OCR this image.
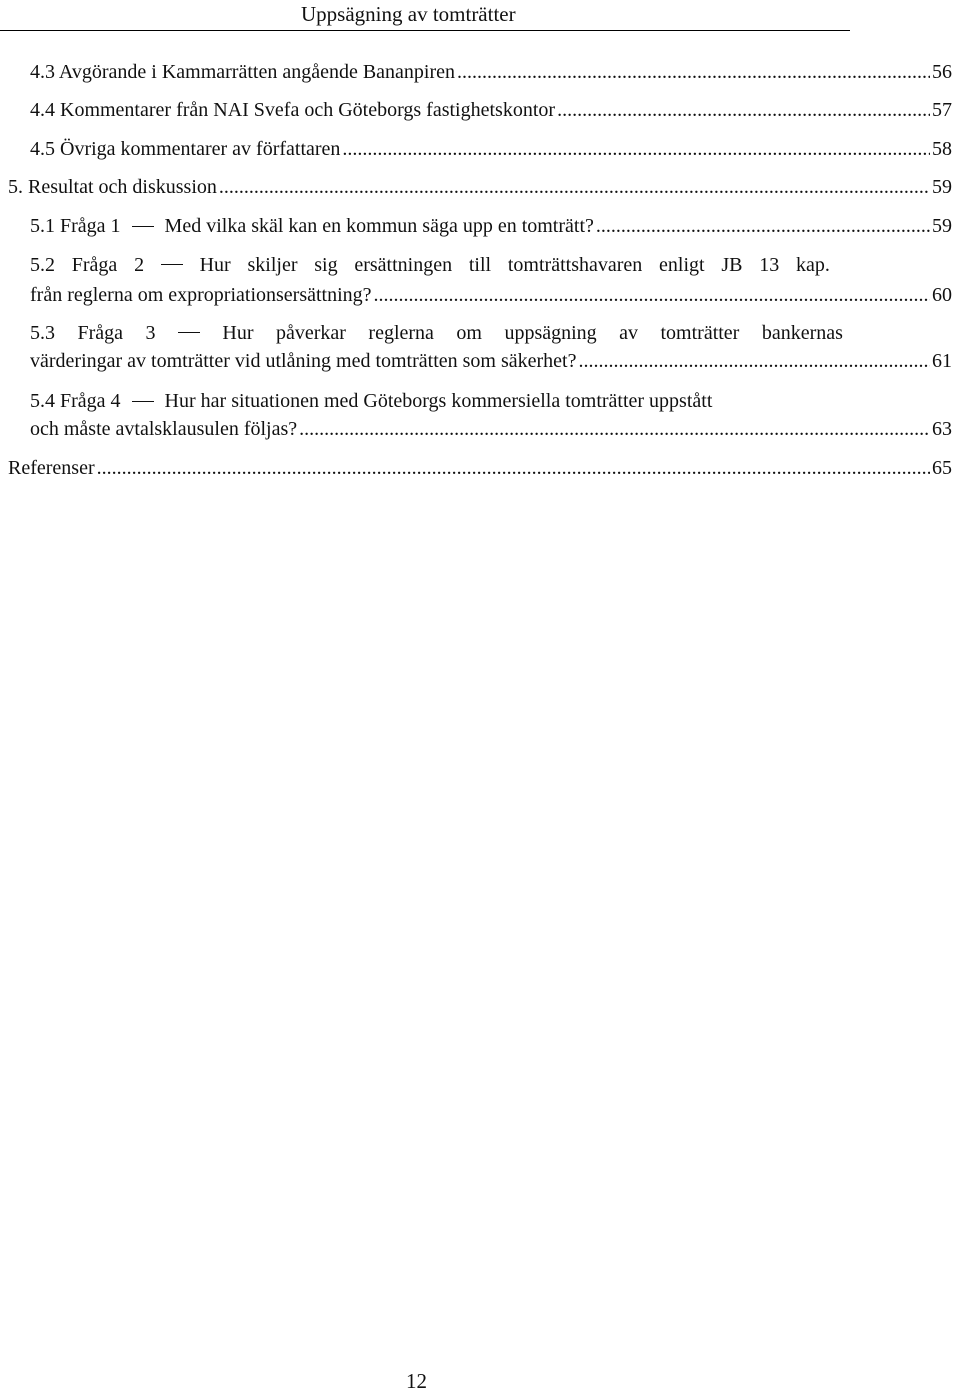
Uppsägning av tomträtter
4.3 Avgörande i Kammarrätten angående Bananpiren .....	56
4.4 Kommentarer från NAI Svefa och Göteborgs fastighetskontor .....	57
4.5 Övriga kommentarer av författaren .....	58
5. Resultat och diskussion .....	59
5.1 Fråga 1 Med vilka skäl kan en kommun säga upp en tomträtt? .....	59
5.2 Fråga 2	Hur skiljer sig ersättningen till tomträttshavaren enligt JB 13 kap.
från reglerna om expropriationsersättning? .....	60
5.3 Fråga 3	Hur påverkar reglerna om uppsägning av tomträtter bankernas
värderingar av tomträtter vid utlåning med tomträtten som säkerhet? .....	61
5.4 Fråga 4 Hur har situationen med Göteborgs kommersiella tomträtter uppstått
och måste avtalsklausulen följas? .....	63
Referenser .....	65
12
